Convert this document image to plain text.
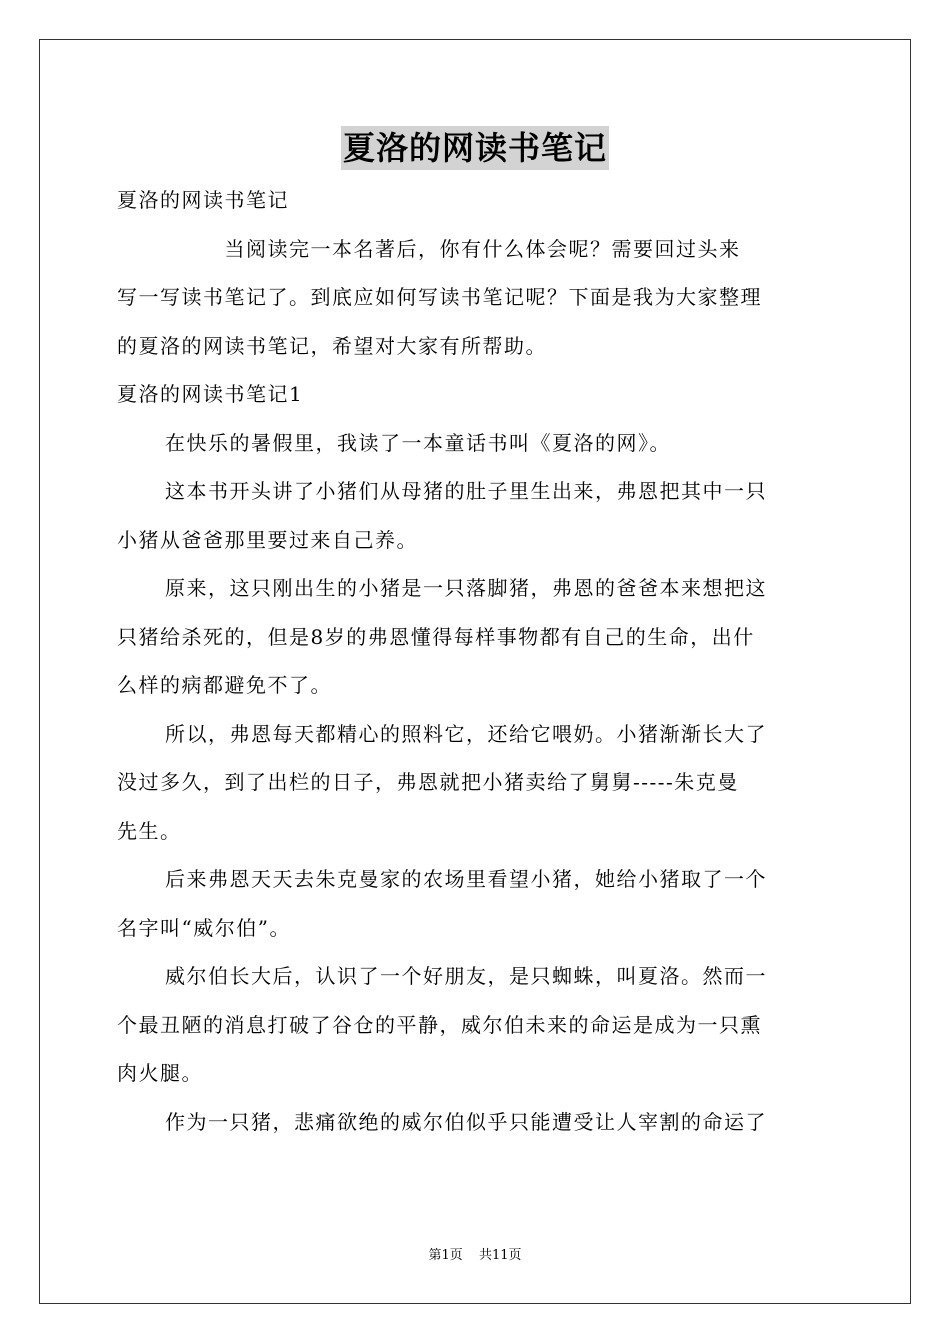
夏洛的网读书笔记

夏洛的网读书笔记

　　　　　当阅读完一本名著后，你有什么体会呢？需要回过头来

写一写读书笔记了。到底应如何写读书笔记呢？下面是我为大家整理

的夏洛的网读书笔记，希望对大家有所帮助。

夏洛的网读书笔记1

在快乐的暑假里，我读了一本童话书叫《夏洛的网》。

这本书开头讲了小猪们从母猪的肚子里生出来，弗恩把其中一只

小猪从爸爸那里要过来自己养。

原来，这只刚出生的小猪是一只落脚猪，弗恩的爸爸本来想把这

只猪给杀死的，但是8岁的弗恩懂得每样事物都有自己的生命，出什

么样的病都避免不了。

所以，弗恩每天都精心的照料它，还给它喂奶。小猪渐渐长大了

没过多久，到了出栏的日子，弗恩就把小猪卖给了舅舅-----朱克曼

先生。

后来弗恩天天去朱克曼家的农场里看望小猪，她给小猪取了一个

名字叫“威尔伯”。

威尔伯长大后，认识了一个好朋友，是只蜘蛛，叫夏洛。然而一

个最丑陋的消息打破了谷仓的平静，威尔伯未来的命运是成为一只熏

肉火腿。

作为一只猪，悲痛欲绝的威尔伯似乎只能遭受让人宰割的命运了

第1页 共11页
